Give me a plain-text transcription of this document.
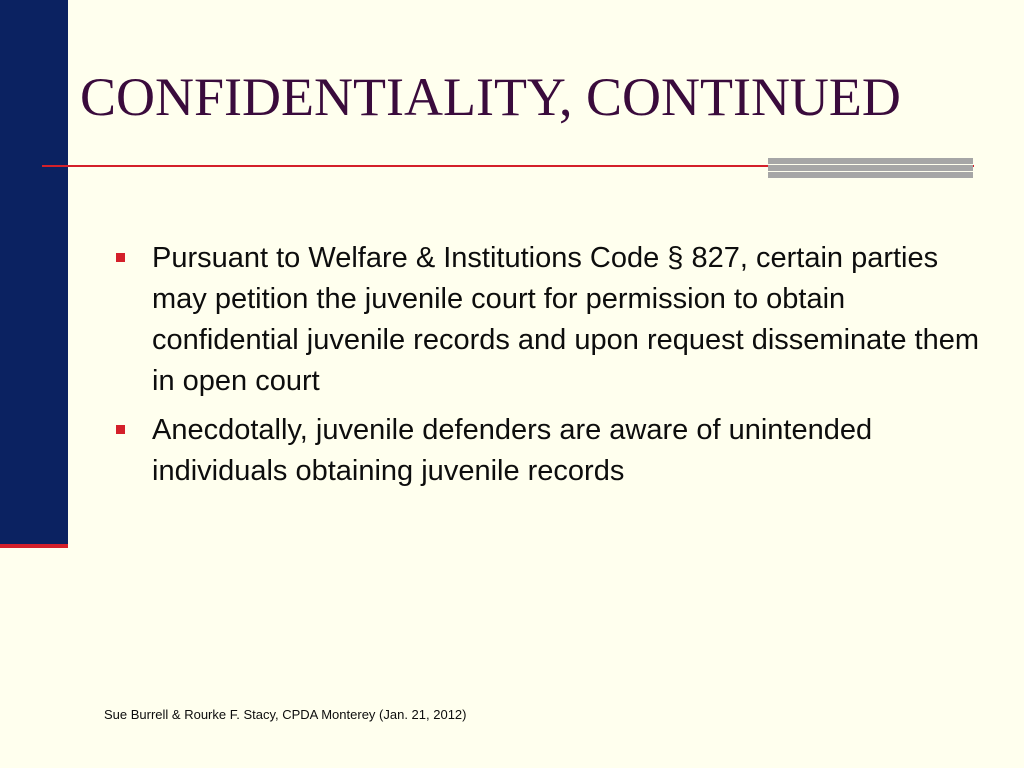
CONFIDENTIALITY, CONTINUED
Pursuant to Welfare & Institutions Code § 827, certain parties may petition the juvenile court for permission to obtain confidential juvenile records and upon request disseminate them in open court
Anecdotally, juvenile defenders are aware of unintended individuals obtaining juvenile records
Sue Burrell & Rourke F. Stacy, CPDA Monterey (Jan. 21, 2012)
